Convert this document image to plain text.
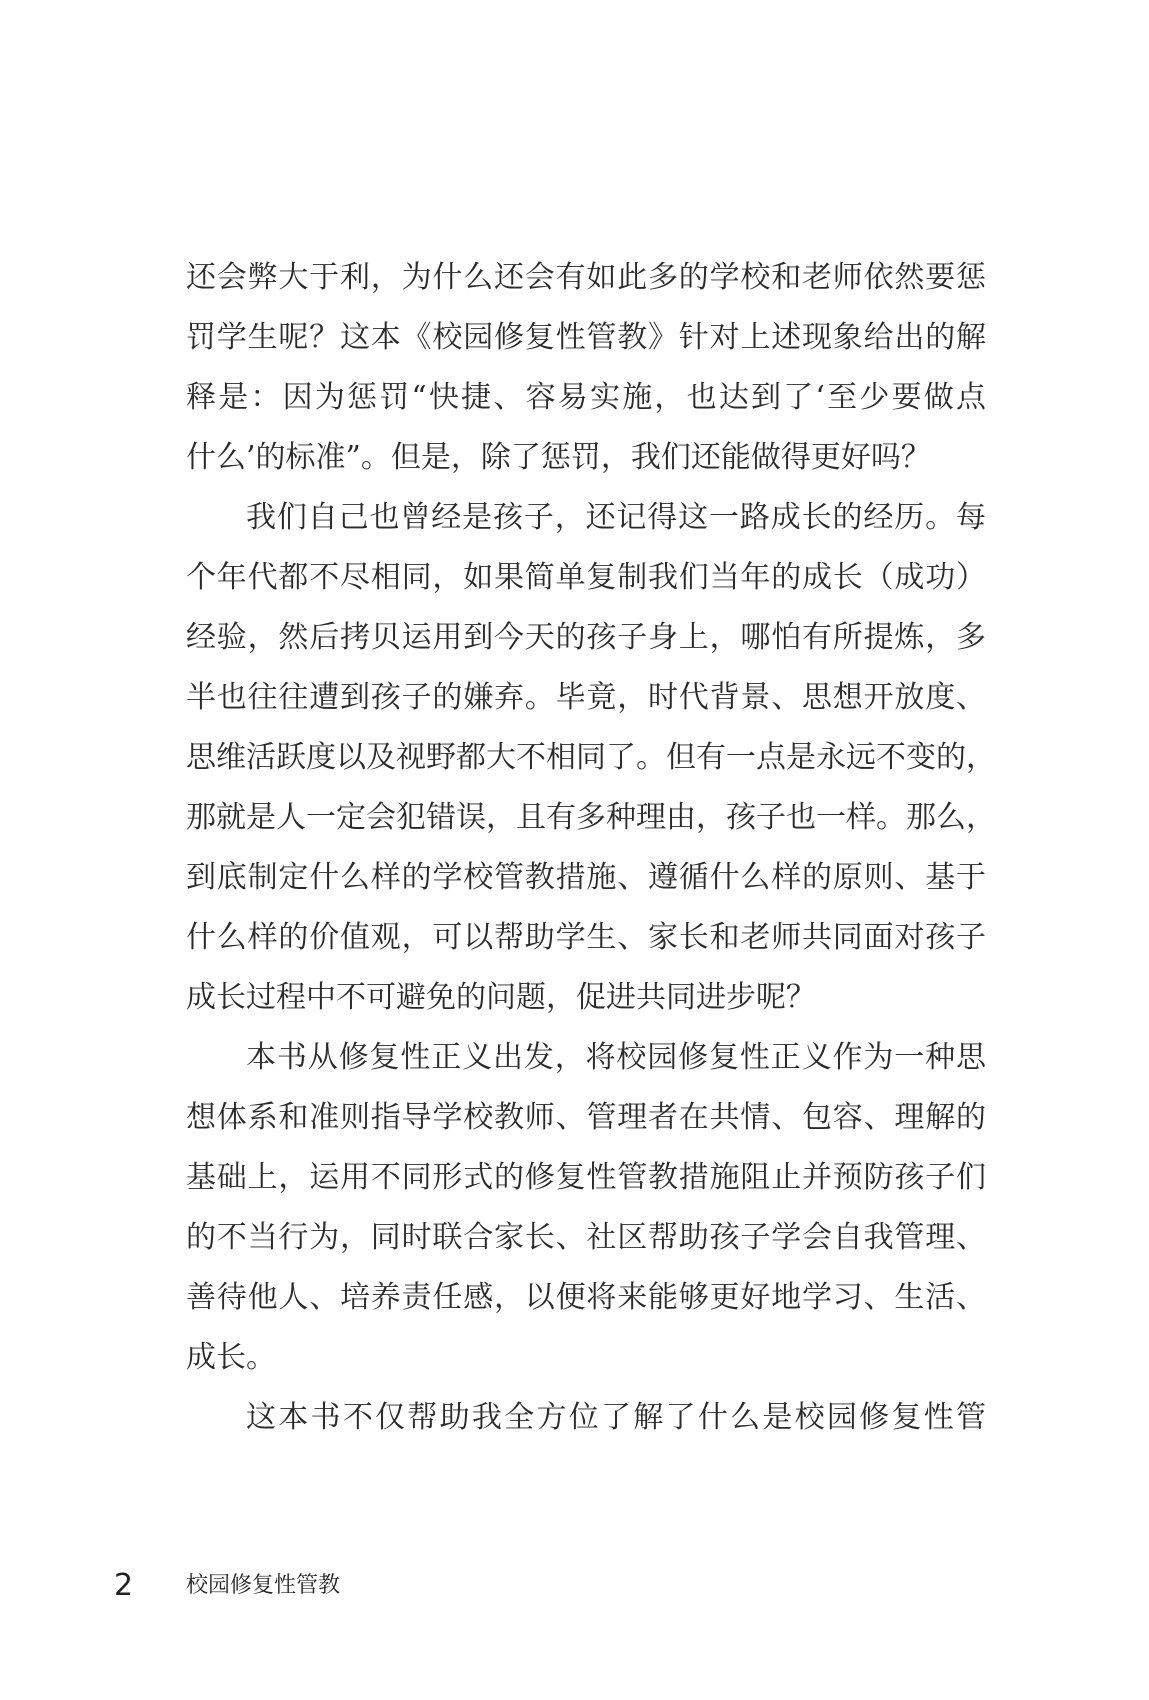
还会弊大于利，为什么还会有如此多的学校和老师依然要惩
罚学生呢？这本《校园修复性管教》针对上述现象给出的解
释是：因为惩罚“快捷、容易实施，也达到了‘至少要做点
什么’的标准”。但是，除了惩罚，我们还能做得更好吗？
我们自己也曾经是孩子，还记得这一路成长的经历。每
个年代都不尽相同，如果简单复制我们当年的成长（成功）
经验，然后拷贝运用到今天的孩子身上，哪怕有所提炼，多
半也往往遭到孩子的嫌弃。毕竟，时代背景、思想开放度、
思维活跃度以及视野都大不相同了。但有一点是永远不变的，
那就是人一定会犯错误，且有多种理由，孩子也一样。那么，
到底制定什么样的学校管教措施、遵循什么样的原则、基于
什么样的价值观，可以帮助学生、家长和老师共同面对孩子
成长过程中不可避免的问题，促进共同进步呢？
本书从修复性正义出发，将校园修复性正义作为一种思
想体系和准则指导学校教师、管理者在共情、包容、理解的
基础上，运用不同形式的修复性管教措施阻止并预防孩子们
的不当行为，同时联合家长、社区帮助孩子学会自我管理、
善待他人、培养责任感，以便将来能够更好地学习、生活、
成长。
这本书不仅帮助我全方位了解了什么是校园修复性管
2 校园修复性管教
